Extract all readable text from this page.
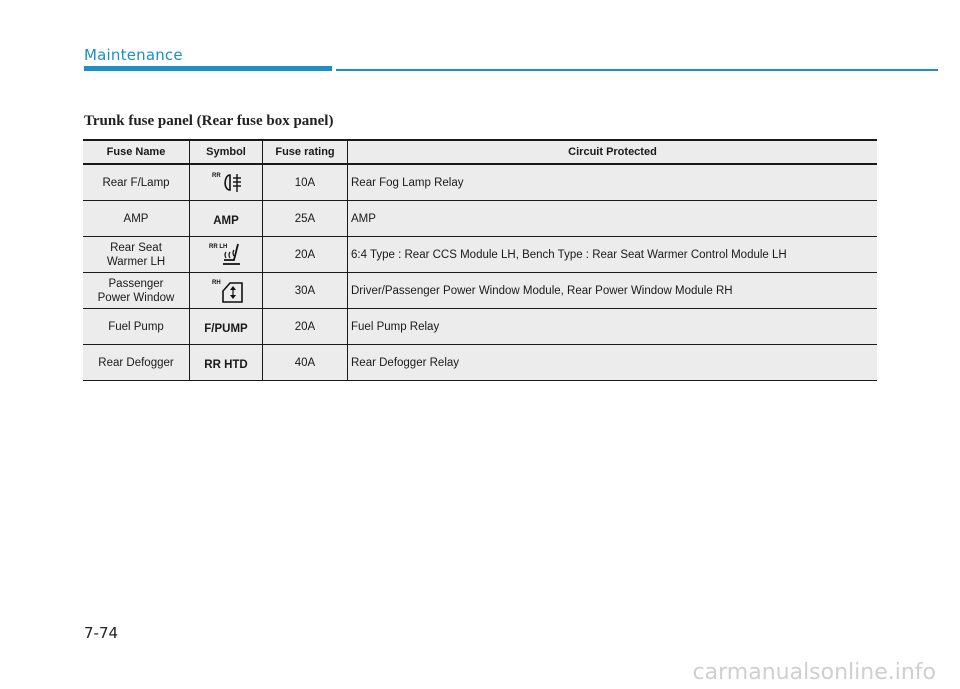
Maintenance
Trunk fuse panel (Rear fuse box panel)
Fuse Name	Symbol	Fuse rating	Circuit Protected
Rear F/Lamp	RR	10A	Rear Fog Lamp Relay
AMP	AMP	25A	AMP
Rear Seat
Warmer LH	RR LH	20A	6:4 Type : Rear CCS Module LH, Bench Type : Rear Seat Warmer Control Module LH
Passenger
Power Window	RH	30A	Driver/Passenger Power Window Module, Rear Power Window Module RH
Fuel Pump	F/PUMP	20A	Fuel Pump Relay
Rear Defogger	RR HTD	40A	Rear Defogger Relay
7-74
carmanualsonline.info
